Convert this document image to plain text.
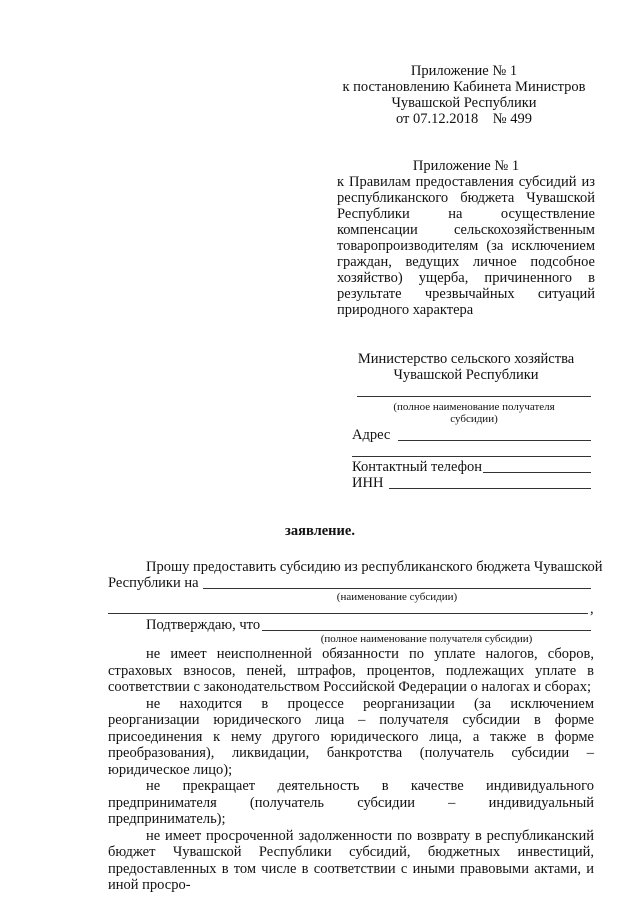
Приложение № 1
к постановлению Кабинета Министров
Чувашской Республики
от 07.12.2018    № 499
Приложение № 1
к Правилам предоставления субсидий из республиканского бюджета Чувашской Республики на осуществление компенсации сельскохозяйственным товаропроизводителям (за исключением граждан, ведущих личное подсобное хозяйство) ущерба, причиненного в результате чрезвычайных ситуаций природного характера
Министерство сельского хозяйства
Чувашской Республики
(полное наименование получателя
субсидии)
Адрес
Контактный телефон
ИНН
заявление.
Прошу предоставить субсидию из республиканского бюджета Чувашской
Республики на
(наименование субсидии)
,
Подтверждаю, что
(полное наименование получателя субсидии)

не имеет неисполненной обязанности по уплате налогов, сборов, страховых взносов, пеней, штрафов, процентов, подлежащих уплате в соответствии с законодательством Российской Федерации о налогах и сборах;

не находится в процессе реорганизации (за исключением реорганизации юридического лица – получателя субсидии в форме присоединения к нему другого юридического лица, а также в форме преобразования), ликвидации, банкротства (получатель субсидии – юридическое лицо);

не прекращает деятельность в качестве индивидуального предпринимателя (получатель субсидии – индивидуальный предприниматель);

не имеет просроченной задолженности по возврату в республиканский бюджет Чувашской Республики субсидий, бюджетных инвестиций, предоставленных в том числе в соответствии с иными правовыми актами, и иной просро-
